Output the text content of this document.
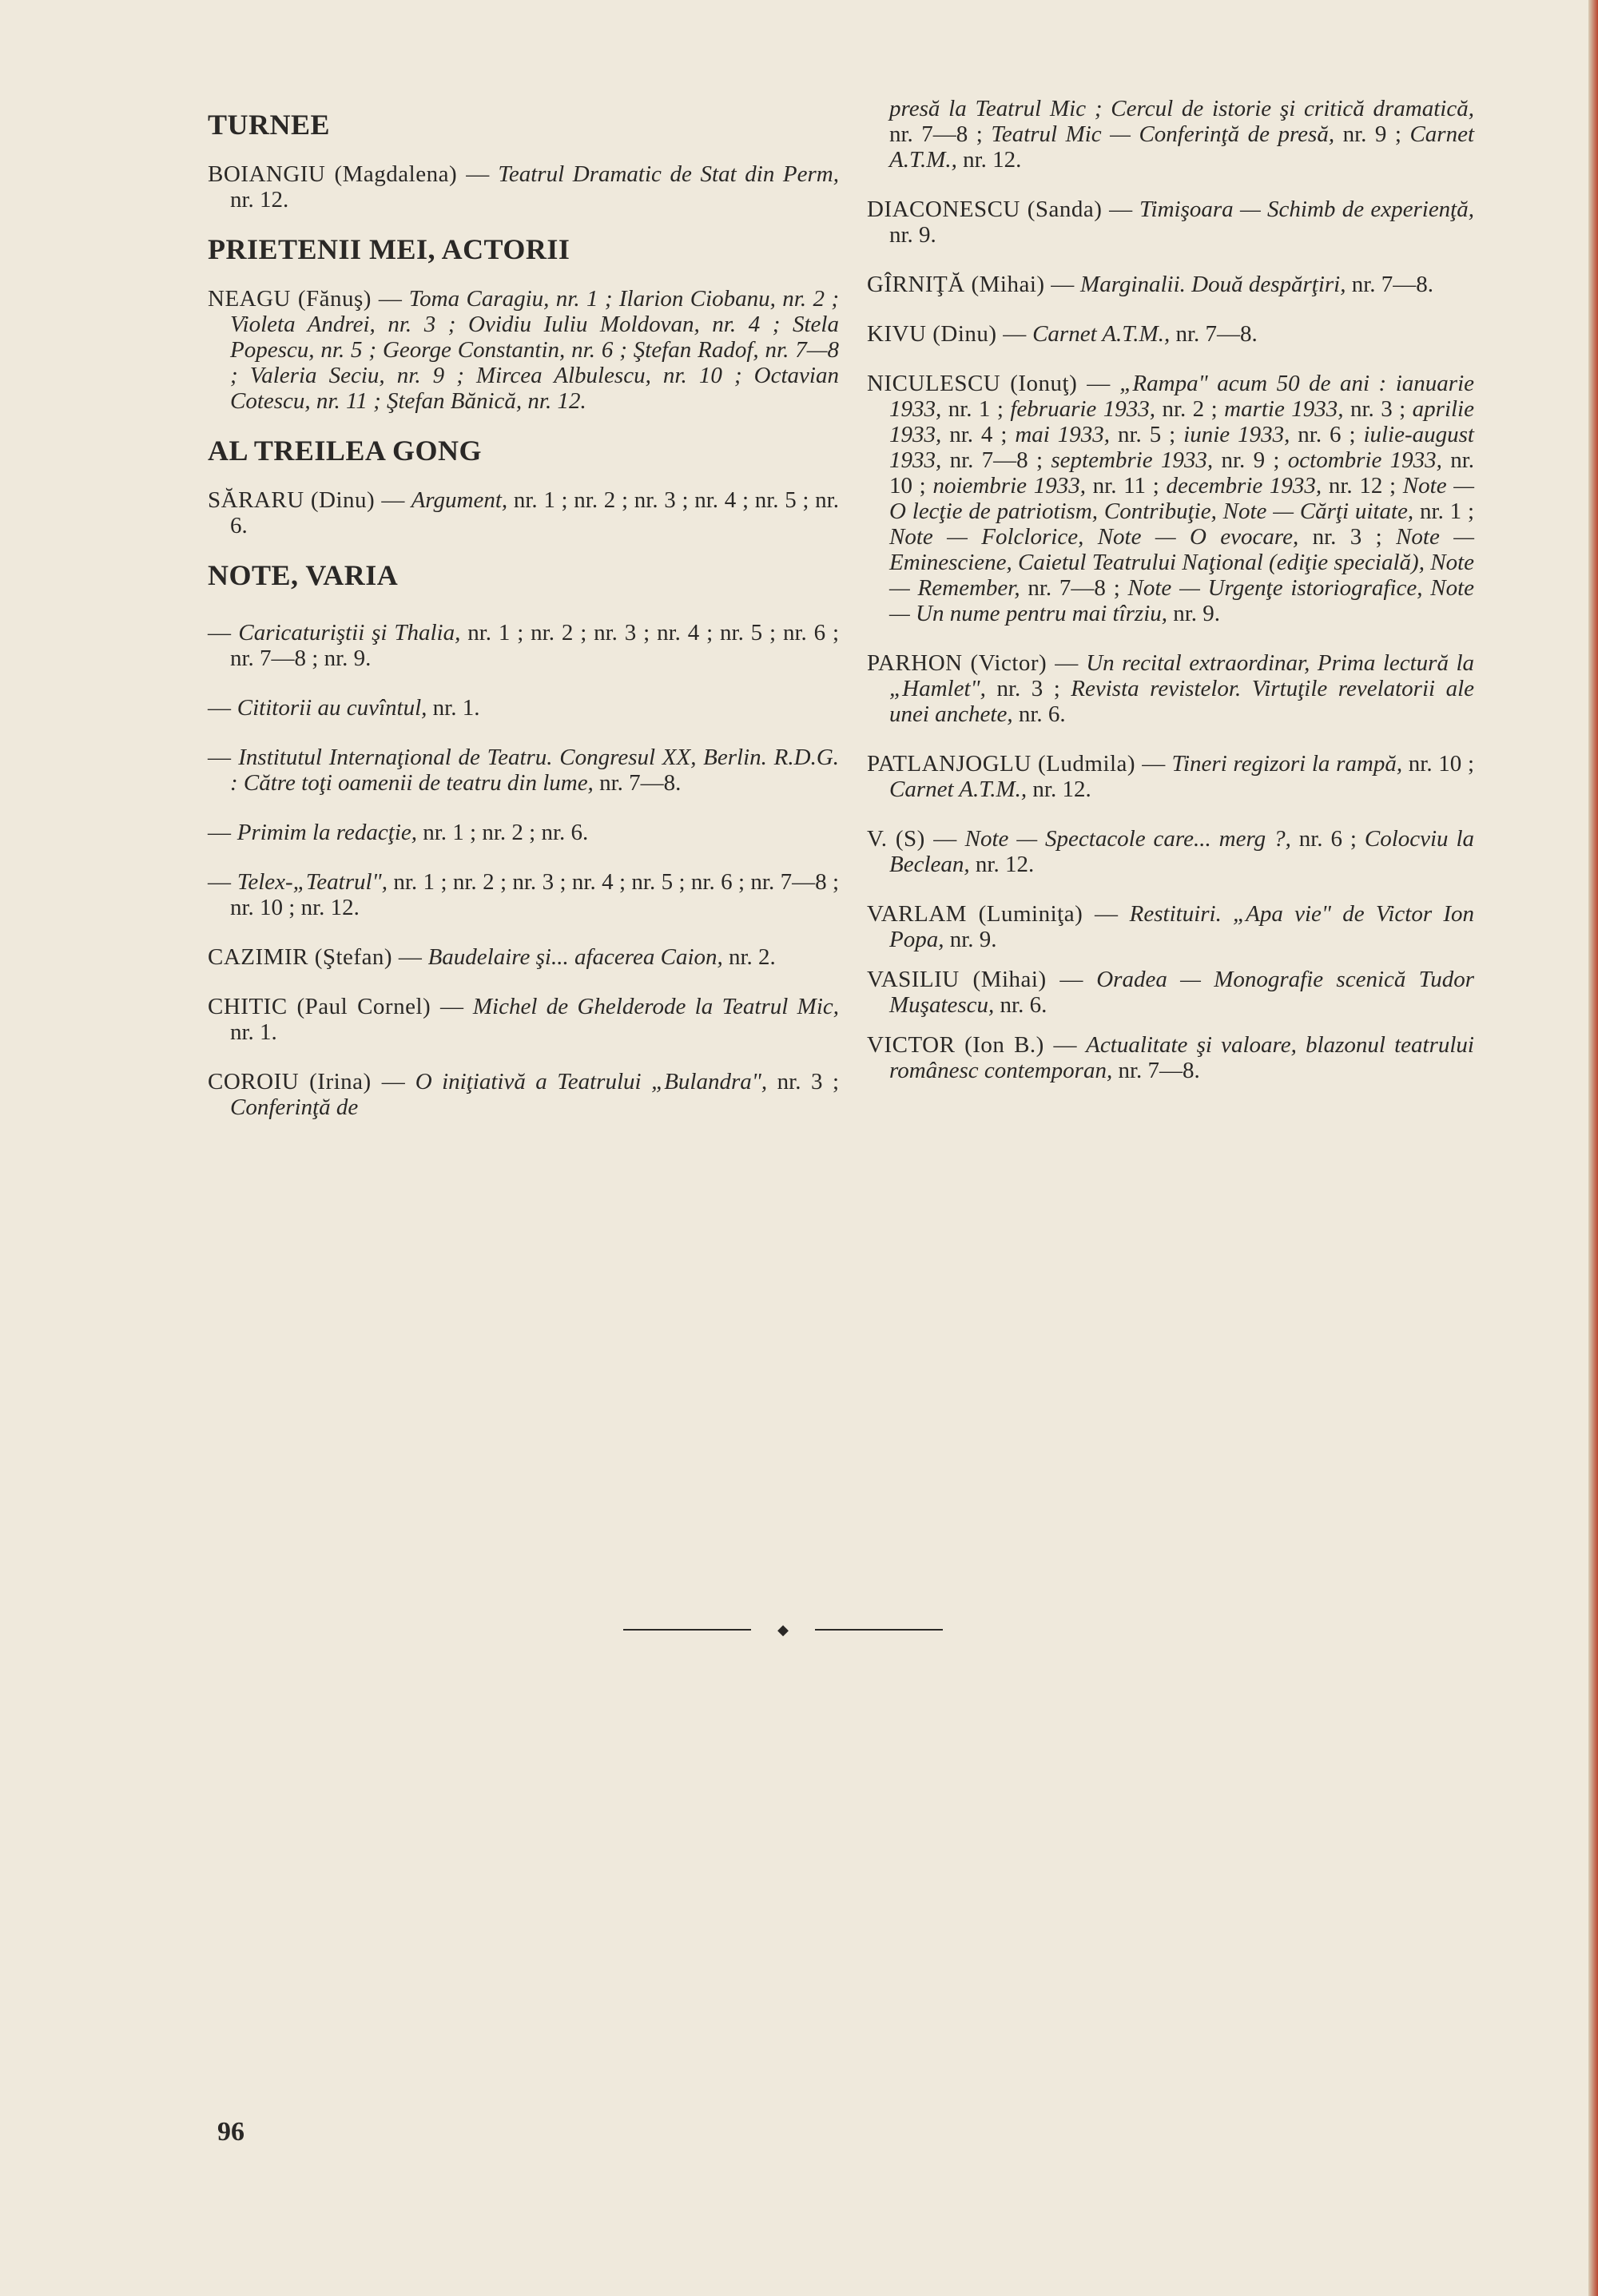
TURNEE

BOIANGIU (Magdalena) — Teatrul Dramatic de Stat din Perm, nr. 12.

PRIETENII MEI, ACTORII

NEAGU (Fănuş) — Toma Caragiu, nr. 1 ; Ilarion Ciobanu, nr. 2 ; Violeta Andrei, nr. 3 ; Ovidiu Iuliu Moldovan, nr. 4 ; Stela Popescu, nr. 5 ; George Constantin, nr. 6 ; Ştefan Radof, nr. 7—8 ; Valeria Seciu, nr. 9 ; Mircea Albulescu, nr. 10 ; Octavian Cotescu, nr. 11 ; Ştefan Bănică, nr. 12.

AL TREILEA GONG

SĂRARU (Dinu) — Argument, nr. 1 ; nr. 2 ; nr. 3 ; nr. 4 ; nr. 5 ; nr. 6.

NOTE, VARIA

— Caricaturiştii şi Thalia, nr. 1 ; nr. 2 ; nr. 3 ; nr. 4 ; nr. 5 ; nr. 6 ; nr. 7—8 ; nr. 9.

— Cititorii au cuvîntul, nr. 1.

— Institutul Internaţional de Teatru. Congresul XX, Berlin. R.D.G. : Către toţi oamenii de teatru din lume, nr. 7—8.

— Primim la redacţie, nr. 1 ; nr. 2 ; nr. 6.

— Telex-„Teatrul", nr. 1 ; nr. 2 ; nr. 3 ; nr. 4 ; nr. 5 ; nr. 6 ; nr. 7—8 ; nr. 10 ; nr. 12.

CAZIMIR (Ştefan) — Baudelaire şi... afacerea Caion, nr. 2.

CHITIC (Paul Cornel) — Michel de Ghelderode la Teatrul Mic, nr. 1.

COROIU (Irina) — O iniţiativă a Teatrului „Bulandra", nr. 3 ; Conferinţă de

presă la Teatrul Mic ; Cercul de istorie şi critică dramatică, nr. 7—8 ; Teatrul Mic — Conferinţă de presă, nr. 9 ; Carnet A.T.M., nr. 12.

DIACONESCU (Sanda) — Timişoara — Schimb de experienţă, nr. 9.

GÎRNIŢĂ (Mihai) — Marginalii. Două despărţiri, nr. 7—8.

KIVU (Dinu) — Carnet A.T.M., nr. 7—8.

NICULESCU (Ionuţ) — „Rampa" acum 50 de ani : ianuarie 1933, nr. 1 ; februarie 1933, nr. 2 ; martie 1933, nr. 3 ; aprilie 1933, nr. 4 ; mai 1933, nr. 5 ; iunie 1933, nr. 6 ; iulie-august 1933, nr. 7—8 ; septembrie 1933, nr. 9 ; octombrie 1933, nr. 10 ; noiembrie 1933, nr. 11 ; decembrie 1933, nr. 12 ; Note — O lecţie de patriotism, Contribuţie, Note — Cărţi uitate, nr. 1 ; Note — Folclorice, Note — O evocare, nr. 3 ; Note — Eminesciene, Caietul Teatrului Naţional (ediţie specială), Note — Remember, nr. 7—8 ; Note — Urgenţe istoriografice, Note — Un nume pentru mai tîrziu, nr. 9.

PARHON (Victor) — Un recital extraordinar, Prima lectură la „Hamlet", nr. 3 ; Revista revistelor. Virtuţile revelatorii ale unei anchete, nr. 6.

PATLANJOGLU (Ludmila) — Tineri regizori la rampă, nr. 10 ; Carnet A.T.M., nr. 12.

V. (S) — Note — Spectacole care... merg ?, nr. 6 ; Colocviu la Beclean, nr. 12.

VARLAM (Luminiţa) — Restituiri. „Apa vie" de Victor Ion Popa, nr. 9.

VASILIU (Mihai) — Oradea — Monografie scenică Tudor Muşatescu, nr. 6.

VICTOR (Ion B.) — Actualitate şi valoare, blazonul teatrului românesc contemporan, nr. 7—8.

◆
96
